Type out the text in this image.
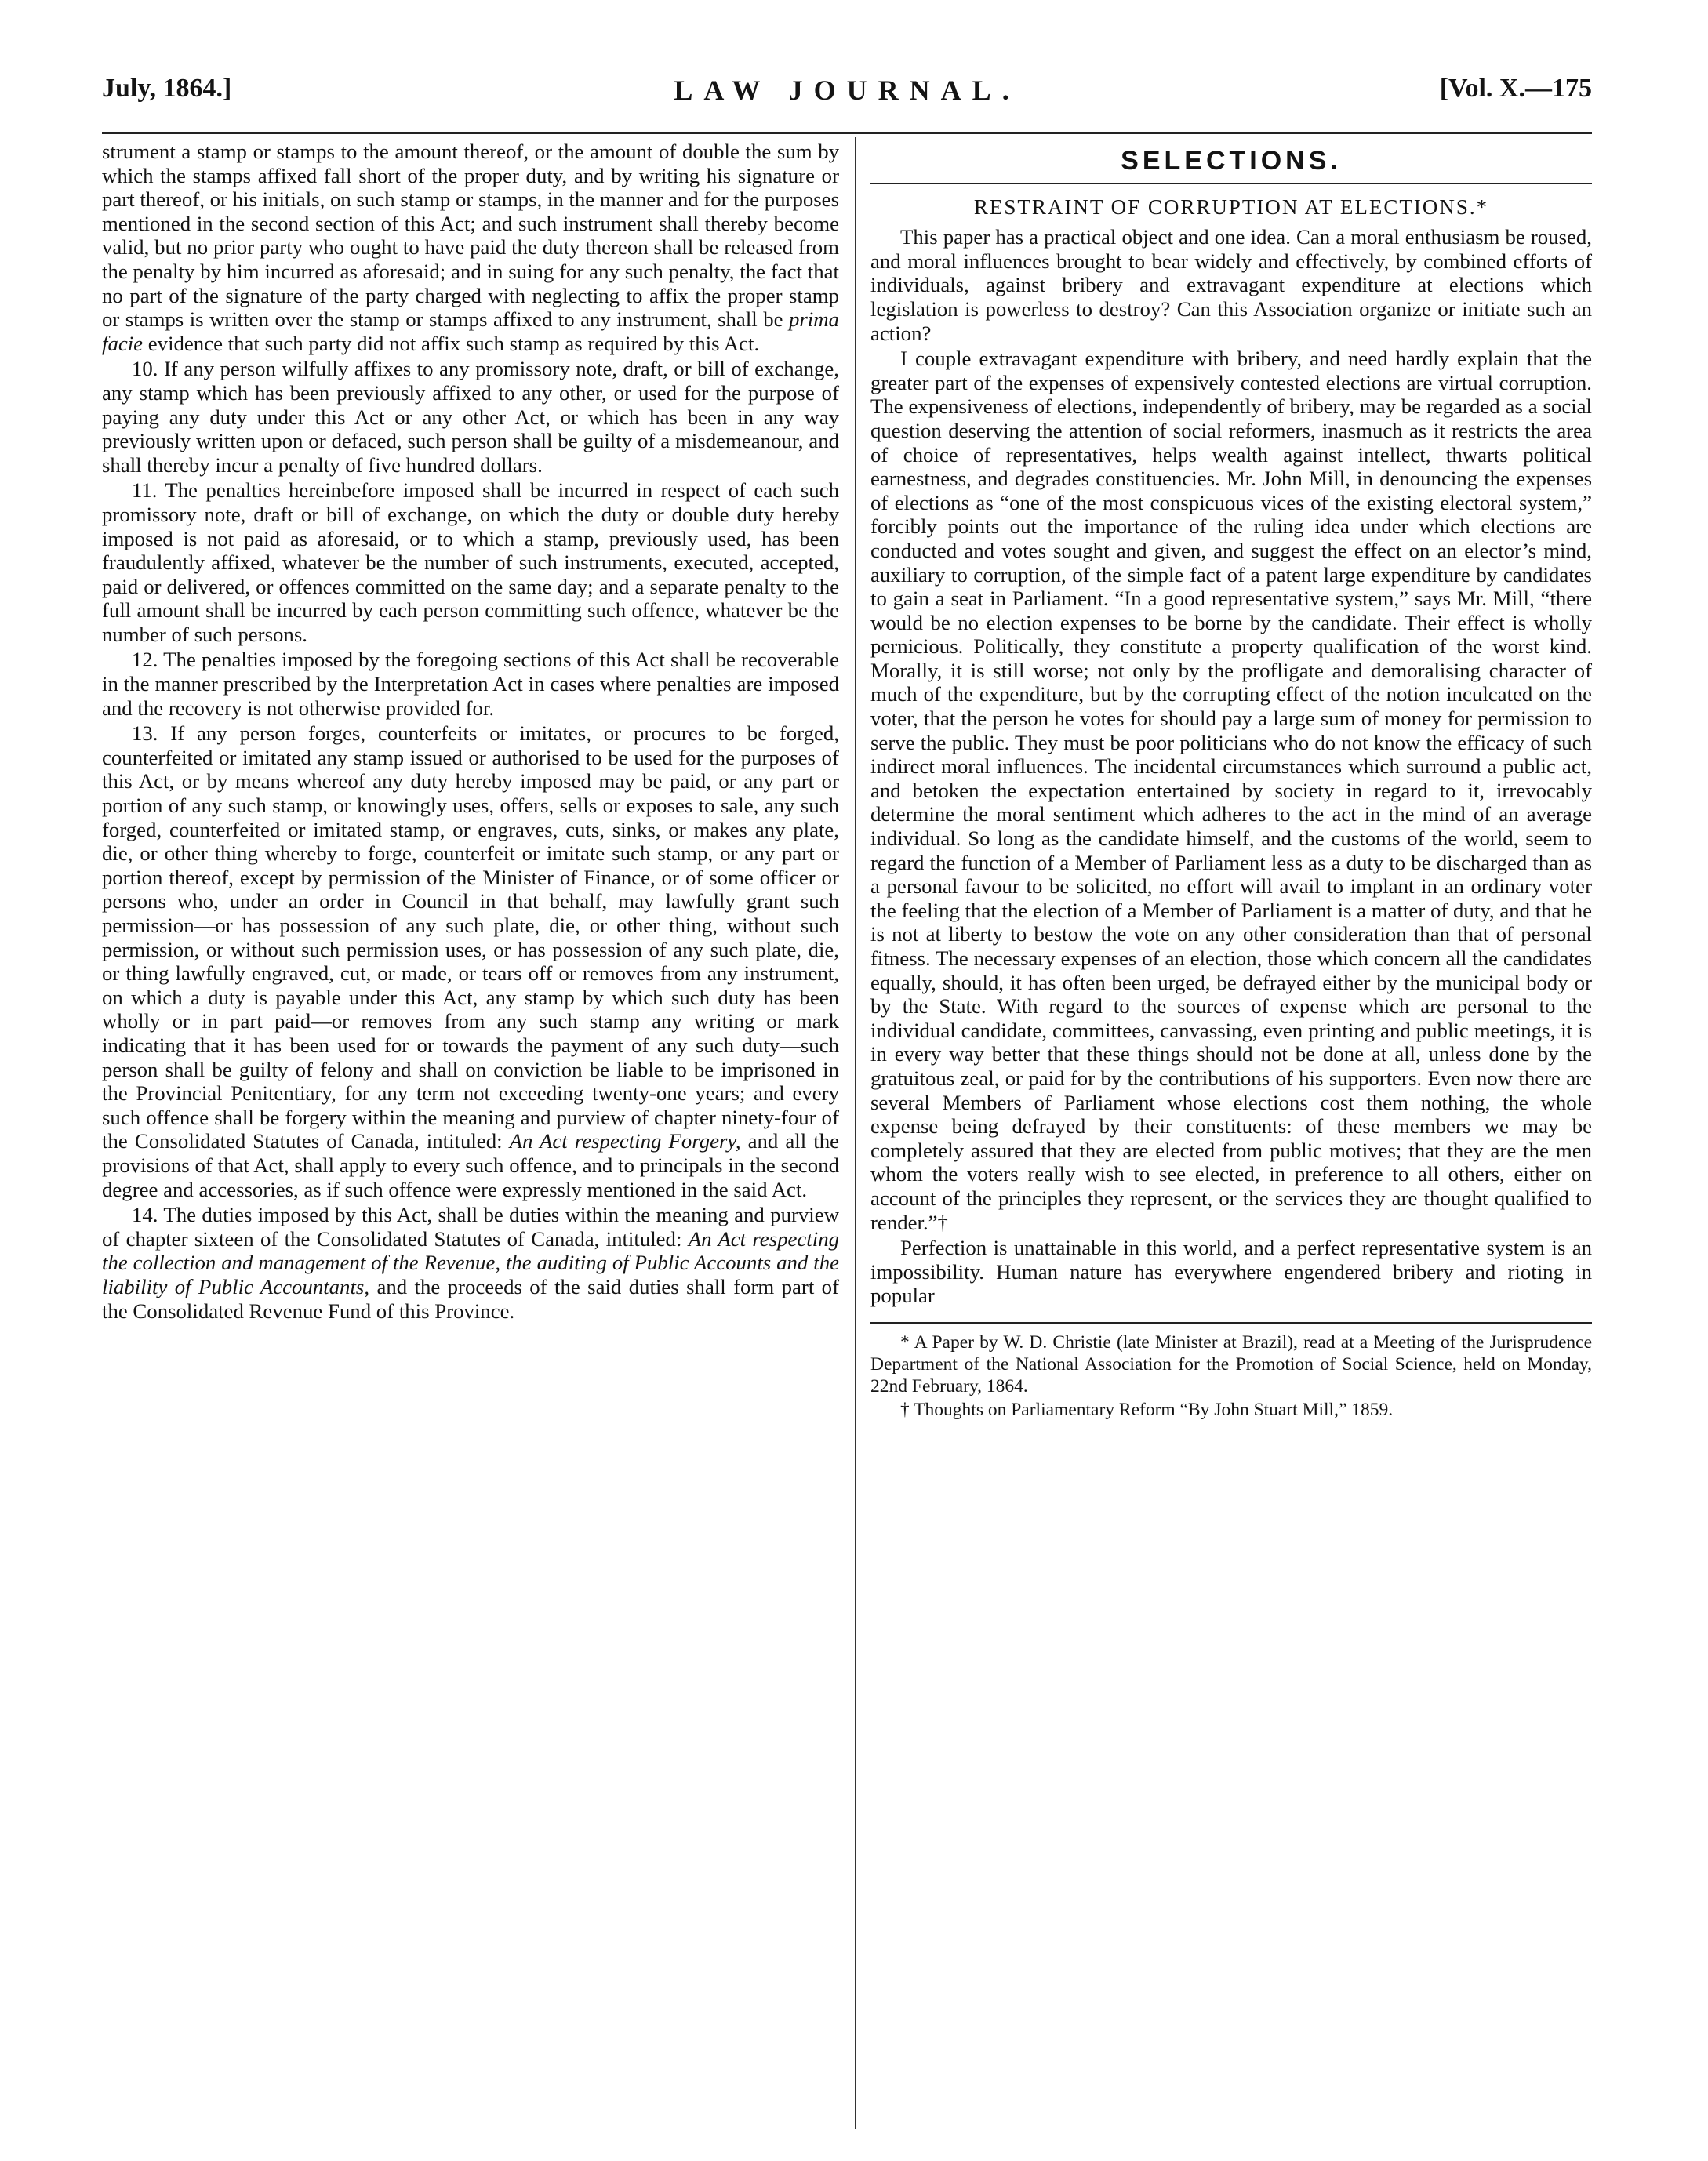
LAW JOURNAL.
July, 1864.]	[Vol. X.—175

strument a stamp or stamps to the amount thereof, or the amount of double the sum by which the stamps affixed fall short of the proper duty, and by writing his signature or part thereof, or his initials, on such stamp or stamps, in the manner and for the purposes mentioned in the second section of this Act; and such instrument shall thereby become valid, but no prior party who ought to have paid the duty thereon shall be released from the penalty by him incurred as aforesaid; and in suing for any such penalty, the fact that no part of the signature of the party charged with neglecting to affix the proper stamp or stamps is written over the stamp or stamps affixed to any instrument, shall be prima facie evidence that such party did not affix such stamp as required by this Act.

10. If any person wilfully affixes to any promissory note, draft, or bill of exchange, any stamp which has been previously affixed to any other, or used for the purpose of paying any duty under this Act or any other Act, or which has been in any way previously written upon or defaced, such person shall be guilty of a misdemeanour, and shall thereby incur a penalty of five hundred dollars.

11. The penalties hereinbefore imposed shall be incurred in respect of each such promissory note, draft or bill of exchange, on which the duty or double duty hereby imposed is not paid as aforesaid, or to which a stamp, previously used, has been fraudulently affixed, whatever be the number of such instruments, executed, accepted, paid or delivered, or offences committed on the same day; and a separate penalty to the full amount shall be incurred by each person committing such offence, whatever be the number of such persons.

12. The penalties imposed by the foregoing sections of this Act shall be recoverable in the manner prescribed by the Interpretation Act in cases where penalties are imposed and the recovery is not otherwise provided for.

13. If any person forges, counterfeits or imitates, or procures to be forged, counterfeited or imitated any stamp issued or authorised to be used for the purposes of this Act, or by means whereof any duty hereby imposed may be paid, or any part or portion of any such stamp, or knowingly uses, offers, sells or exposes to sale, any such forged, counterfeited or imitated stamp, or engraves, cuts, sinks, or makes any plate, die, or other thing whereby to forge, counterfeit or imitate such stamp, or any part or portion thereof, except by permission of the Minister of Finance, or of some officer or persons who, under an order in Council in that behalf, may lawfully grant such permission—or has possession of any such plate, die, or other thing, without such permission, or without such permission uses, or has possession of any such plate, die, or thing lawfully engraved, cut, or made, or tears off or removes from any instrument, on which a duty is payable under this Act, any stamp by which such duty has been wholly or in part paid—or removes from any such stamp any writing or mark indicating that it has been used for or towards the payment of any such duty—such person shall be guilty of felony and shall on conviction be liable to be imprisoned in the Provincial Penitentiary, for any term not exceeding twenty-one years; and every such offence shall be forgery within the meaning and purview of chapter ninety-four of the Consolidated Statutes of Canada, intituled: An Act respecting Forgery, and all the provisions of that Act, shall apply to every such offence, and to principals in the second degree and accessories, as if such offence were expressly mentioned in the said Act.

14. The duties imposed by this Act, shall be duties within the meaning and purview of chapter sixteen of the Consolidated Statutes of Canada, intituled: An Act respecting the collection and management of the Revenue, the auditing of Public Accounts and the liability of Public Accountants, and the proceeds of the said duties shall form part of the Consolidated Revenue Fund of this Province.

SELECTIONS.
RESTRAINT OF CORRUPTION AT ELECTIONS.*

This paper has a practical object and one idea. Can a moral enthusiasm be roused, and moral influences brought to bear widely and effectively, by combined efforts of individuals, against bribery and extravagant expenditure at elections which legislation is powerless to destroy? Can this Association organize or initiate such an action?

I couple extravagant expenditure with bribery, and need hardly explain that the greater part of the expenses of expensively contested elections are virtual corruption. The expensiveness of elections, independently of bribery, may be regarded as a social question deserving the attention of social reformers, inasmuch as it restricts the area of choice of representatives, helps wealth against intellect, thwarts political earnestness, and degrades constituencies. Mr. John Mill, in denouncing the expenses of elections as “one of the most conspicuous vices of the existing electoral system,” forcibly points out the importance of the ruling idea under which elections are conducted and votes sought and given, and suggest the effect on an elector’s mind, auxiliary to corruption, of the simple fact of a patent large expenditure by candidates to gain a seat in Parliament. “In a good representative system,” says Mr. Mill, “there would be no election expenses to be borne by the candidate. Their effect is wholly pernicious. Politically, they constitute a property qualification of the worst kind. Morally, it is still worse; not only by the profligate and demoralising character of much of the expenditure, but by the corrupting effect of the notion inculcated on the voter, that the person he votes for should pay a large sum of money for permission to serve the public. They must be poor politicians who do not know the efficacy of such indirect moral influences. The incidental circumstances which surround a public act, and betoken the expectation entertained by society in regard to it, irrevocably determine the moral sentiment which adheres to the act in the mind of an average individual. So long as the candidate himself, and the customs of the world, seem to regard the function of a Member of Parliament less as a duty to be discharged than as a personal favour to be solicited, no effort will avail to implant in an ordinary voter the feeling that the election of a Member of Parliament is a matter of duty, and that he is not at liberty to bestow the vote on any other consideration than that of personal fitness. The necessary expenses of an election, those which concern all the candidates equally, should, it has often been urged, be defrayed either by the municipal body or by the State. With regard to the sources of expense which are personal to the individual candidate, committees, canvassing, even printing and public meetings, it is in every way better that these things should not be done at all, unless done by the gratuitous zeal, or paid for by the contributions of his supporters. Even now there are several Members of Parliament whose elections cost them nothing, the whole expense being defrayed by their constituents: of these members we may be completely assured that they are elected from public motives; that they are the men whom the voters really wish to see elected, in preference to all others, either on account of the principles they represent, or the services they are thought qualified to render.”†

Perfection is unattainable in this world, and a perfect representative system is an impossibility. Human nature has everywhere engendered bribery and rioting in popular

* A Paper by W. D. Christie (late Minister at Brazil), read at a Meeting of the Jurisprudence Department of the National Association for the Promotion of Social Science, held on Monday, 22nd February, 1864.

† Thoughts on Parliamentary Reform “By John Stuart Mill,” 1859.
